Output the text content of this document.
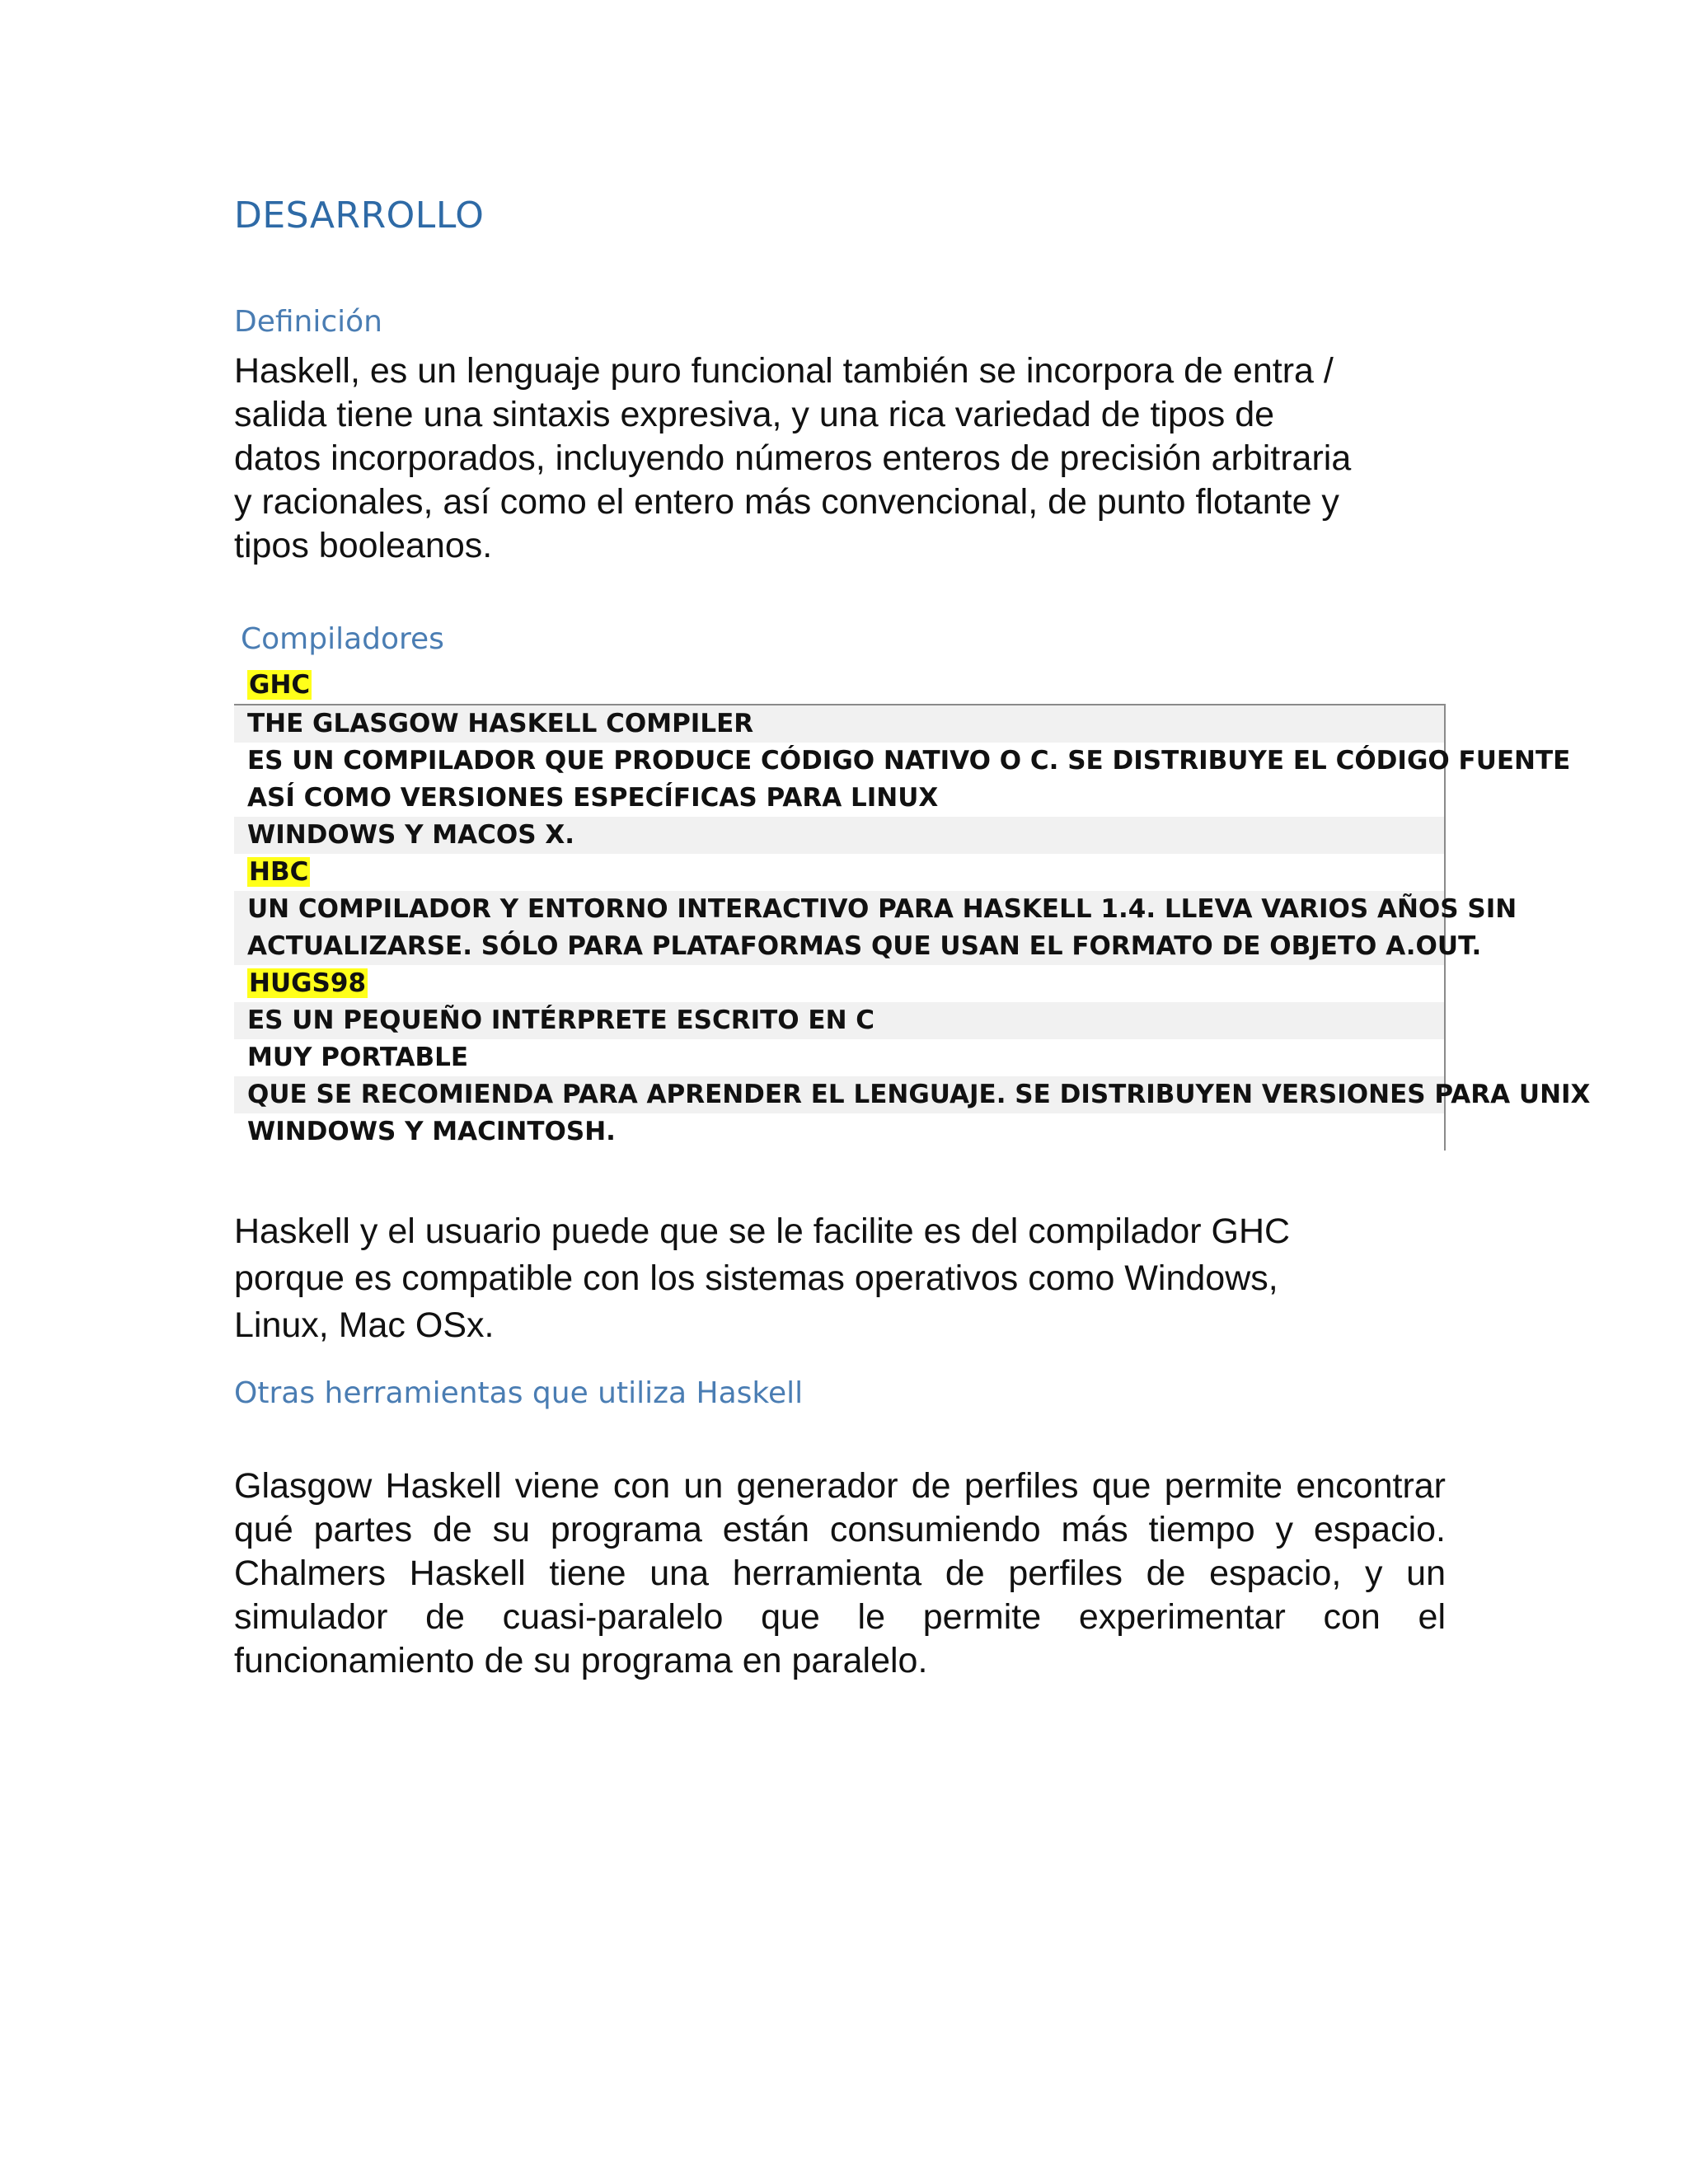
DESARROLLO
Definición
Haskell, es un lenguaje puro funcional también se incorpora de entra /
salida tiene una sintaxis expresiva, y una rica variedad de tipos de
datos incorporados, incluyendo números enteros de precisión arbitraria
y racionales, así como el entero más convencional, de punto flotante y
tipos booleanos.
Compiladores
GHC
THE GLASGOW HASKELL COMPILER
ES UN COMPILADOR QUE PRODUCE CÓDIGO NATIVO O C. SE DISTRIBUYE EL CÓDIGO FUENTE
ASÍ COMO VERSIONES ESPECÍFICAS PARA LINUX
WINDOWS Y MACOS X.
HBC
UN COMPILADOR Y ENTORNO INTERACTIVO PARA HASKELL 1.4. LLEVA VARIOS AÑOS SIN
ACTUALIZARSE. SÓLO PARA PLATAFORMAS QUE USAN EL FORMATO DE OBJETO A.OUT.
HUGS98
ES UN PEQUEÑO INTÉRPRETE ESCRITO EN C
MUY PORTABLE
QUE SE RECOMIENDA PARA APRENDER EL LENGUAJE. SE DISTRIBUYEN VERSIONES PARA UNIX
WINDOWS Y MACINTOSH.
Haskell y el usuario puede que se le facilite es del compilador GHC
porque es compatible con los sistemas operativos como Windows,
Linux, Mac OSx.
Otras herramientas que utiliza Haskell

Glasgow Haskell viene con un generador de perfiles que permite encontrar qué partes de su programa están consumiendo más tiempo y espacio. Chalmers Haskell tiene una herramienta de perfiles de espacio, y un simulador de cuasi-paralelo que le permite experimentar con el funcionamiento de su programa en paralelo.
